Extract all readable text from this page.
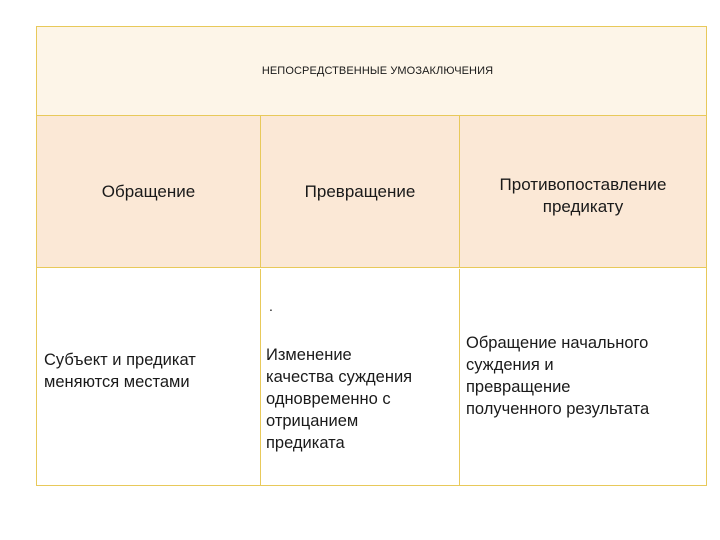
НЕПОСРЕДСТВЕННЫЕ УМОЗАКЛЮЧЕНИЯ
Обращение	Превращение	Противопоставление
предикату
Субъект и предикат
меняются местами
.
Изменение
качества суждения
одновременно с
отрицанием
предиката
Обращение начального
суждения и
превращение
полученного результата
